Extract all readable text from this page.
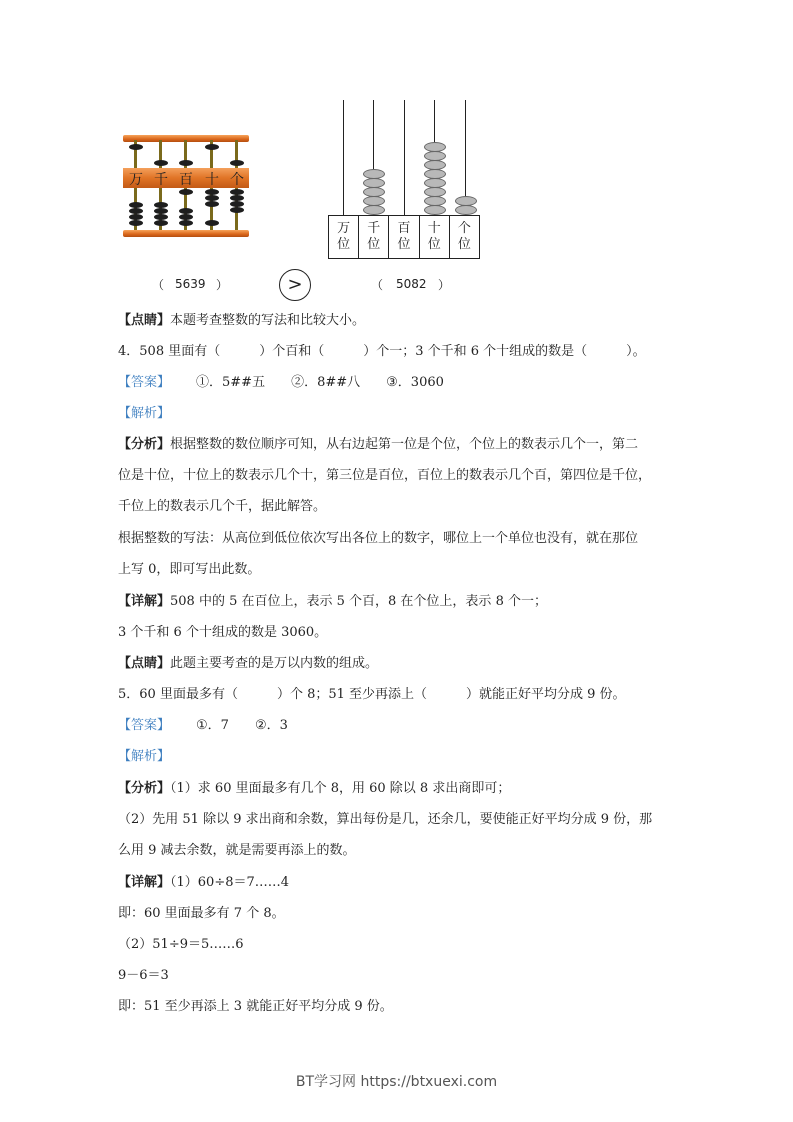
万 千 百 十 个
万
位
千
位
百
位
十
位
个
位
（ 5639 ）	>	（ 5082 ）
【点睛】本题考查整数的写法和比较大小。
4．508 里面有（　　　）个百和（　　　）个一；3 个千和 6 个十组成的数是（　　　）。
【答案】 ①．5##五 ②．8##八 ③．3060
【解析】
【分析】根据整数的数位顺序可知，从右边起第一位是个位，个位上的数表示几个一，第二
位是十位，十位上的数表示几个十，第三位是百位，百位上的数表示几个百，第四位是千位，
千位上的数表示几个千，据此解答。
根据整数的写法：从高位到低位依次写出各位上的数字，哪位上一个单位也没有，就在那位
上写 0，即可写出此数。
【详解】508 中的 5 在百位上，表示 5 个百，8 在个位上，表示 8 个一；
3 个千和 6 个十组成的数是 3060。
【点睛】此题主要考查的是万以内数的组成。
5．60 里面最多有（　　　）个 8；51 至少再添上（　　　）就能正好平均分成 9 份。
【答案】 ①．7 ②．3
【解析】
【分析】（1）求 60 里面最多有几个 8，用 60 除以 8 求出商即可；
（2）先用 51 除以 9 求出商和余数，算出每份是几，还余几，要使能正好平均分成 9 份，那
么用 9 减去余数，就是需要再添上的数。
【详解】（1）60÷8＝7……4
即：60 里面最多有 7 个 8。
（2）51÷9＝5……6
9－6＝3
即：51 至少再添上 3 就能正好平均分成 9 份。
BT学习网 https://btxuexi.com
